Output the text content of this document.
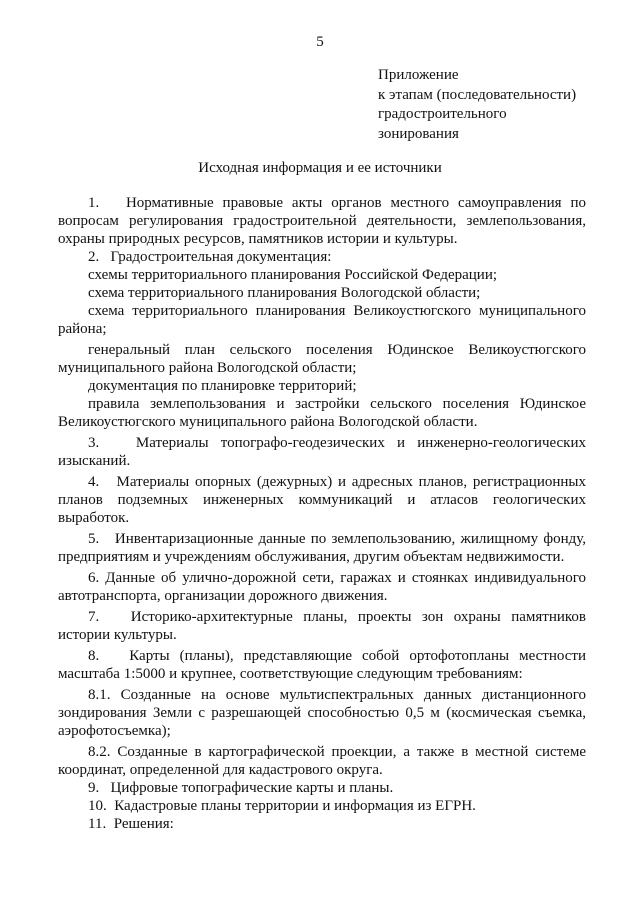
5
Приложение
к этапам (последовательности)
градостроительного
зонирования
Исходная информация и ее источники

1.   Нормативные правовые акты органов местного самоуправления по вопросам регулирования градостроительной деятельности, землепользования, охраны природных ресурсов, памятников истории и культуры.

2.   Градостроительная документация:

схемы территориального планирования Российской Федерации;

схема территориального планирования Вологодской области;

схема территориального планирования Великоустюгского муниципального района;

генеральный план сельского поселения Юдинское Великоустюгского муниципального района Вологодской области;

документация по планировке территорий;

правила землепользования и застройки сельского поселения Юдинское Великоустюгского муниципального района Вологодской области.

3.   Материалы топографо-геодезических и инженерно-геологических изысканий.

4.   Материалы опорных (дежурных) и адресных планов, регистрационных планов подземных инженерных коммуникаций и атласов геологических выработок.

5.   Инвентаризационные данные по землепользованию, жилищному фонду, предприятиям и учреждениям обслуживания, другим объектам недвижимости.

6. Данные об улично-дорожной сети, гаражах и стоянках индивидуального автотранспорта, организации дорожного движения.

7.   Историко-архитектурные планы, проекты зон охраны памятников истории культуры.

8.   Карты (планы), представляющие собой ортофотопланы местности масштаба 1:5000 и крупнее, соответствующие следующим требованиям:

8.1. Созданные на основе мультиспектральных данных дистанционного зондирования Земли с разрешающей способностью 0,5 м (космическая съемка, аэрофотосъемка);

8.2. Созданные в картографической проекции, а также в местной системе координат, определенной для кадастрового округа.

9.   Цифровые топографические карты и планы.

10.  Кадастровые планы территории и информация из ЕГРН.

11.  Решения:
